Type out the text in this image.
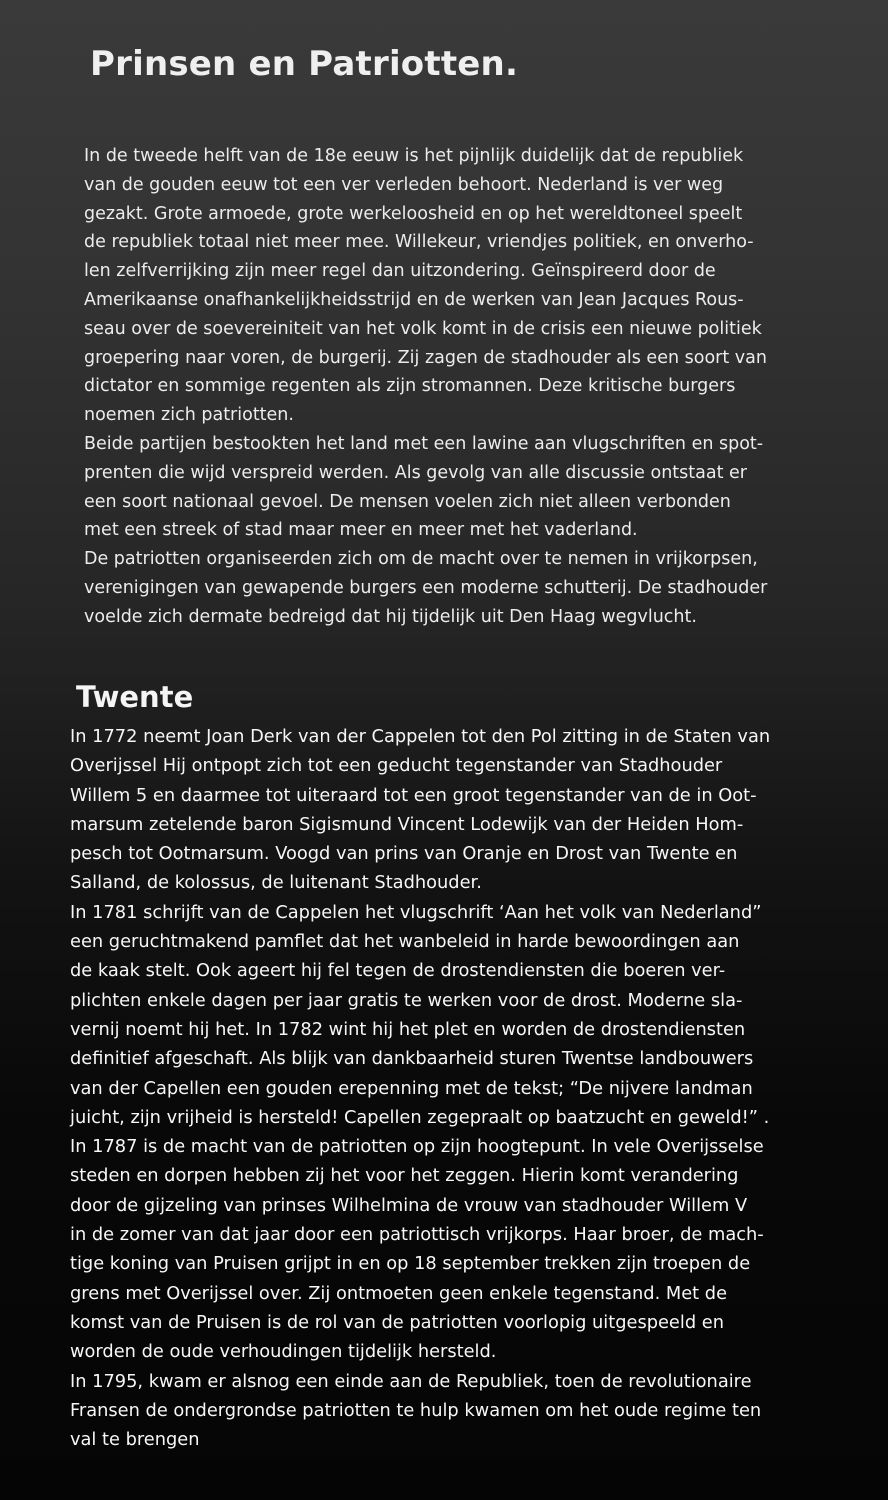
Prinsen en Patriotten.
In de tweede helft van de 18e eeuw is het pijnlijk duidelijk dat de republiek
van de gouden eeuw tot een ver verleden behoort. Nederland is ver weg
gezakt. Grote armoede, grote werkeloosheid en op het wereldtoneel speelt
de republiek totaal niet meer mee. Willekeur, vriendjes politiek, en onverho-
len zelfverrijking zijn meer regel dan uitzondering. Geïnspireerd door de
Amerikaanse onafhankelijkheidsstrijd en de werken van Jean Jacques Rous-
seau over de soevereiniteit van het volk komt in de crisis een nieuwe politiek
groepering naar voren, de burgerij. Zij zagen de stadhouder als een soort van
dictator en sommige regenten als zijn stromannen. Deze kritische burgers
noemen zich patriotten.
Beide partijen bestookten het land met een lawine aan vlugschriften en spot-
prenten die wijd verspreid werden. Als gevolg van alle discussie ontstaat er
een soort nationaal gevoel. De mensen voelen zich niet alleen verbonden
met een streek of stad maar meer en meer met het vaderland.
De patriotten organiseerden zich om de macht over te nemen in vrijkorpsen,
verenigingen van gewapende burgers een moderne schutterij. De stadhouder
voelde zich dermate bedreigd dat hij tijdelijk uit Den Haag wegvlucht.
Twente
In 1772 neemt Joan Derk van der Cappelen tot den Pol zitting in de Staten van
Overijssel Hij ontpopt zich tot een geducht tegenstander van Stadhouder
Willem 5 en daarmee tot uiteraard tot een groot tegenstander van de in Oot-
marsum zetelende baron Sigismund Vincent Lodewijk van der Heiden Hom-
pesch tot Ootmarsum. Voogd van prins van Oranje en Drost van Twente en
Salland, de kolossus, de luitenant Stadhouder.
In 1781 schrijft van de Cappelen het vlugschrift ‘Aan het volk van Nederland”
een geruchtmakend pamflet dat het wanbeleid in harde bewoordingen aan
de kaak stelt. Ook ageert hij fel tegen de drostendiensten die boeren ver-
plichten enkele dagen per jaar gratis te werken voor de drost. Moderne sla-
vernij noemt hij het. In 1782 wint hij het plet en worden de drostendiensten
definitief afgeschaft. Als blijk van dankbaarheid sturen Twentse landbouwers
van der Capellen een gouden erepenning met de tekst; “De nijvere landman
juicht, zijn vrijheid is hersteld! Capellen zegepraalt op baatzucht en geweld!” .
In 1787 is de macht van de patriotten op zijn hoogtepunt. In vele Overijsselse
steden en dorpen hebben zij het voor het zeggen. Hierin komt verandering
door de gijzeling van prinses Wilhelmina de vrouw van stadhouder Willem V
in de zomer van dat jaar door een patriottisch vrijkorps. Haar broer, de mach-
tige koning van Pruisen grijpt in en op 18 september trekken zijn troepen de
grens met Overijssel over. Zij ontmoeten geen enkele tegenstand. Met de
komst van de Pruisen is de rol van de patriotten voorlopig uitgespeeld en
worden de oude verhoudingen tijdelijk hersteld.
In 1795, kwam er alsnog een einde aan de Republiek, toen de revolutionaire
Fransen de ondergrondse patriotten te hulp kwamen om het oude regime ten
val te brengen
